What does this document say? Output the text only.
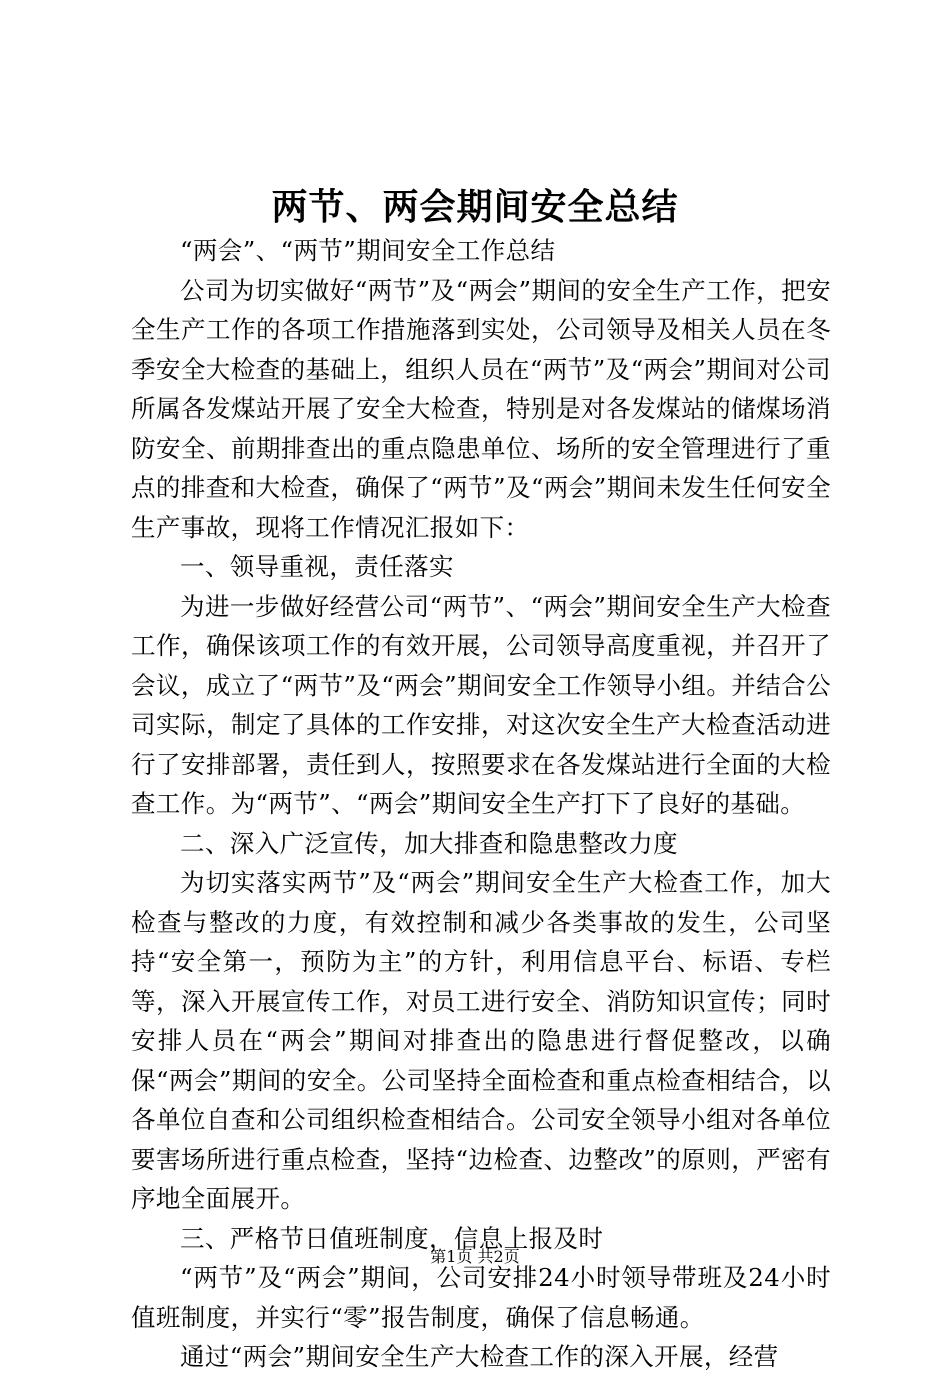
两节、两会期间安全总结

“两会”、“两节”期间安全工作总结

公司为切实做好“两节”及“两会”期间的安全生产工作，把安全生产工作的各项工作措施落到实处，公司领导及相关人员在冬季安全大检查的基础上，组织人员在“两节”及“两会”期间对公司所属各发煤站开展了安全大检查，特别是对各发煤站的储煤场消防安全、前期排查出的重点隐患单位、场所的安全管理进行了重点的排查和大检查，确保了“两节”及“两会”期间未发生任何安全生产事故，现将工作情况汇报如下：

一、领导重视，责任落实

为进一步做好经营公司“两节”、“两会”期间安全生产大检查工作，确保该项工作的有效开展，公司领导高度重视，并召开了会议，成立了“两节”及“两会”期间安全工作领导小组。并结合公司实际，制定了具体的工作安排，对这次安全生产大检查活动进行了安排部署，责任到人，按照要求在各发煤站进行全面的大检查工作。为“两节”、“两会”期间安全生产打下了良好的基础。

二、深入广泛宣传，加大排查和隐患整改力度

为切实落实两节”及“两会”期间安全生产大检查工作，加大检查与整改的力度，有效控制和减少各类事故的发生，公司坚持“安全第一，预防为主”的方针，利用信息平台、标语、专栏等，深入开展宣传工作，对员工进行安全、消防知识宣传；同时安排人员在“两会”期间对排查出的隐患进行督促整改，以确保“两会”期间的安全。公司坚持全面检查和重点检查相结合，以各单位自查和公司组织检查相结合。公司安全领导小组对各单位要害场所进行重点检查，坚持“边检查、边整改”的原则，严密有序地全面展开。

三、严格节日值班制度，信息上报及时

“两节”及“两会”期间，公司安排24小时领导带班及24小时值班制度，并实行“零”报告制度，确保了信息畅通。

通过“两会”期间安全生产大检查工作的深入开展，经营

第1页 共2页
